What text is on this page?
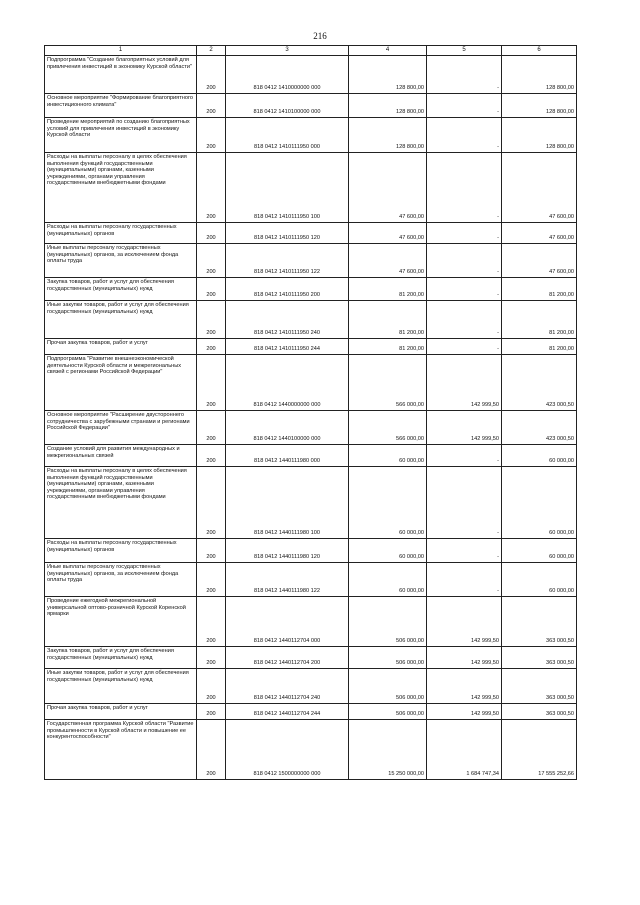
216
1	2	3	4	5	6
Подпрограмма "Создание благоприятных условий для привлечения инвестиций в экономику Курской области"	200	818 0412 1410000000 000	128 800,00	-	128 800,00
Основное мероприятие "Формирование благоприятного инвестиционного климата"	200	818 0412 1410100000 000	128 800,00	-	128 800,00
Проведение мероприятий по созданию благоприятных условий для привлечения инвестиций в экономику Курской области	200	818 0412 1410111950 000	128 800,00	-	128 800,00
Расходы на выплаты персоналу в целях обеспечения выполнения функций государственными (муниципальными) органами, казенными учреждениями, органами управления государственными внебюджетными фондами	200	818 0412 1410111950 100	47 600,00	-	47 600,00
Расходы на выплаты персоналу государственных (муниципальных) органов	200	818 0412 1410111950 120	47 600,00	-	47 600,00
Иные выплаты персоналу государственных (муниципальных) органов, за исключением фонда оплаты труда	200	818 0412 1410111950 122	47 600,00	-	47 600,00
Закупка товаров, работ и услуг для обеспечения государственных (муниципальных) нужд	200	818 0412 1410111950 200	81 200,00	-	81 200,00
Иные закупки товаров, работ и услуг для обеспечения государственных (муниципальных) нужд	200	818 0412 1410111950 240	81 200,00	-	81 200,00
Прочая закупка товаров, работ и услуг	200	818 0412 1410111950 244	81 200,00	-	81 200,00
Подпрограмма "Развитие внешнеэкономической деятельности Курской области и межрегиональных связей с регионами Российской Федерации"	200	818 0412 1440000000 000	566 000,00	142 999,50	423 000,50
Основное мероприятие "Расширение двустороннего сотрудничества с зарубежными странами и регионами Российской Федерации"	200	818 0412 1440100000 000	566 000,00	142 999,50	423 000,50
Создание условий для развития международных и межрегиональных связей	200	818 0412 1440111980 000	60 000,00	-	60 000,00
Расходы на выплаты персоналу в целях обеспечения выполнения функций государственными (муниципальными) органами, казенными учреждениями, органами управления государственными внебюджетными фондами	200	818 0412 1440111980 100	60 000,00	-	60 000,00
Расходы на выплаты персоналу государственных (муниципальных) органов	200	818 0412 1440111980 120	60 000,00	-	60 000,00
Иные выплаты персоналу государственных (муниципальных) органов, за исключением фонда оплаты труда	200	818 0412 1440111980 122	60 000,00	-	60 000,00
Проведение ежегодной межрегиональной универсальной оптово-розничной Курской Коренской ярмарки	200	818 0412 1440112704 000	506 000,00	142 999,50	363 000,50
Закупка товаров, работ и услуг для обеспечения государственных (муниципальных) нужд	200	818 0412 1440112704 200	506 000,00	142 999,50	363 000,50
Иные закупки товаров, работ и услуг для обеспечения государственных (муниципальных) нужд	200	818 0412 1440112704 240	506 000,00	142 999,50	363 000,50
Прочая закупка товаров, работ и услуг	200	818 0412 1440112704 244	506 000,00	142 999,50	363 000,50
Государственная программа Курской области "Развитие промышленности в Курской области и повышение ее конкурентоспособности"	200	818 0412 1500000000 000	15 250 000,00	1 684 747,34	17 555 252,66
